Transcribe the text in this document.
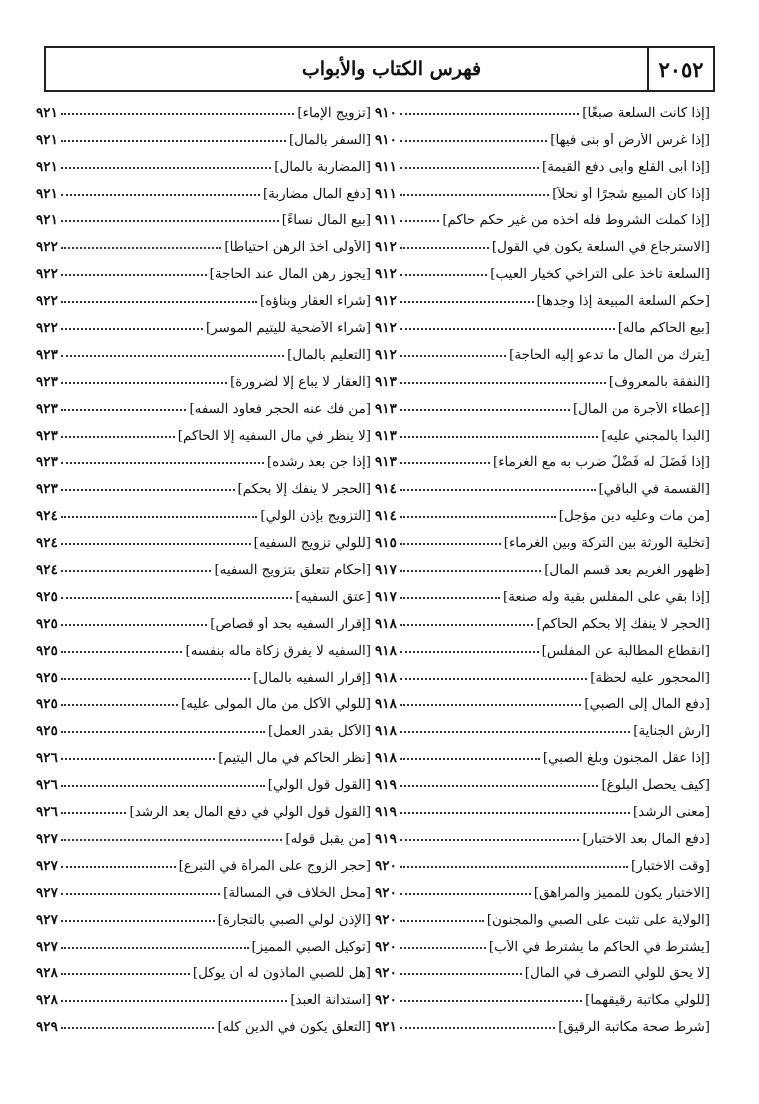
٢٠٥٢
فهرس الكتاب والأبواب
[إذا كانت السلعة صبغًا]
٩١٠
[إذا غرس الأرض أو بنى فيها]
٩١٠
[إذا أبى القلع وأبى دفع القيمة]
٩١١
[إذا كان المبيع شجرًا أو نحلاً]
٩١١
[إذا كملت الشروط فله أخذه من غير حكم حاكم]
٩١١
[الاسترجاع في السلعة يكون في القول]
٩١٢
[السلعة تأخذ على التراخي كخيار العيب]
٩١٢
[حكم السلعة المبيعة إذا وجدها]
٩١٢
[بيع الحاكم ماله]
٩١٢
[يترك من المال ما تدعو إليه الحاجة]
٩١٢
[النفقة بالمعروف]
٩١٣
[إعطاء الأجرة من المال]
٩١٣
[البدأ بالمجني عليه]
٩١٣
[إذا فَضَلَ له فَضْلٌ ضرب به مع الغرماء]
٩١٣
[القسمة في الباقي]
٩١٤
[من مات وعليه دين مؤجل]
٩١٤
[تخلية الورثة بين التركة وبين الغرماء]
٩١٥
[ظهور الغريم بعد قسم المال]
٩١٧
[إذا بقي على المفلس بقية وله صنعة]
٩١٧
[الحجر لا ينفك إلا بحكم الحاكم]
٩١٨
[انقطاع المطالبة عن المفلس]
٩١٨
[المحجور عليه لحظة]
٩١٨
[دفع المال إلى الصبي]
٩١٨
[أرش الجناية]
٩١٨
[إذا عقل المجنون وبلغ الصبي]
٩١٨
[كيف يحصل البلوغ]
٩١٩
[معنى الرشد]
٩١٩
[دفع المال بعد الاختبار]
٩١٩
[وقت الاختبار]
٩٢٠
[الاختبار يكون للمميز والمراهق]
٩٢٠
[الولاية على تثبت على الصبي والمجنون]
٩٢٠
[يشترط في الحاكم ما يشترط في الأب]
٩٢٠
[لا يحق للولي التصرف في المال]
٩٢٠
[للولي مكاتبة رقيقهما]
٩٢٠
[شرط صحة مكاتبة الرقيق]
٩٢١
[تزويج الإماء]
٩٢١
[السفر بالمال]
٩٢١
[المضاربة بالمال]
٩٢١
[دفع المال مضاربة]
٩٢١
[بيع المال نساءً]
٩٢١
[الأولى أخذ الرهن احتياطًا]
٩٢٢
[يجوز رهن المال عند الحاجة]
٩٢٢
[شراء العقار وبناؤه]
٩٢٢
[شراء الأضحية لليتيم الموسر]
٩٢٢
[التعليم بالمال]
٩٢٣
[العقار لا يباع إلا لضرورة]
٩٢٣
[من فك عنه الحجر فعاود السفه]
٩٢٣
[لا ينظر في مال السفيه إلا الحاكم]
٩٢٣
[إذا جن بعد رشده]
٩٢٣
[الحجر لا ينفك إلا بحكم]
٩٢٣
[التزويج بإذن الولي]
٩٢٤
[للولي تزويج السفيه]
٩٢٤
[أحكام تتعلق بتزويج السفيه]
٩٢٤
[عتق السفيه]
٩٢٥
[إقرار السفيه بحد أو قصاص]
٩٢٥
[السفيه لا يفرق زكاة ماله بنفسه]
٩٢٥
[إقرار السفيه بالمال]
٩٢٥
[للولي الأكل من مال المولى عليه]
٩٢٥
[الأكل بقدر العمل]
٩٢٥
[نظر الحاكم في مال اليتيم]
٩٢٦
[القول قول الولي]
٩٢٦
[القول قول الولي في دفع المال بعد الرشد]
٩٢٦
[من يقبل قوله]
٩٢٧
[حجر الزوج على المرأة في التبرع]
٩٢٧
[محل الخلاف في المسألة]
٩٢٧
[الإذن لولي الصبي بالتجارة]
٩٢٧
[توكيل الصبي المميز]
٩٢٧
[هل للصبي المأذون له أن يوكل]
٩٢٨
[استدانة العبد]
٩٢٨
[التعلق يكون في الدين كله]
٩٢٩
